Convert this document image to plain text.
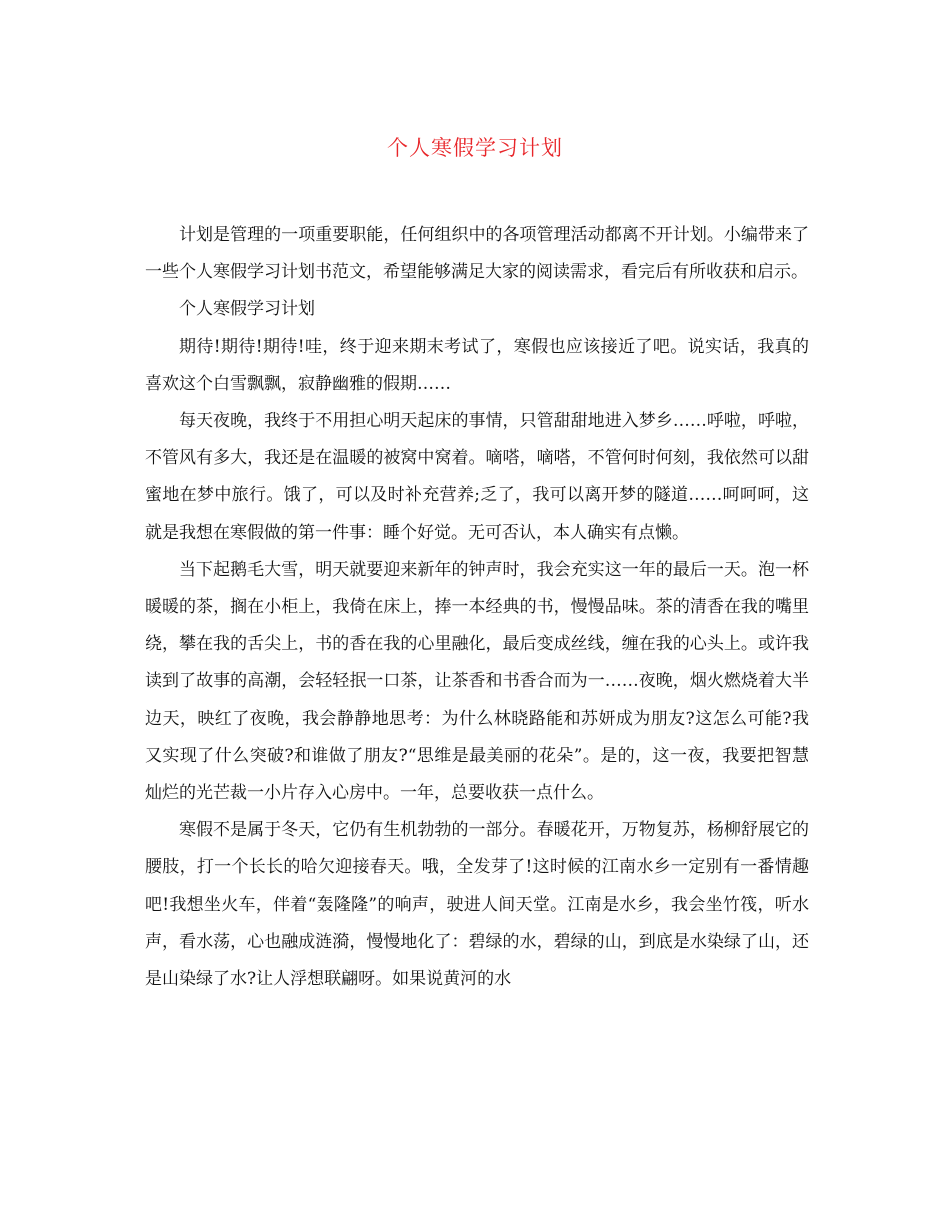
个人寒假学习计划

计划是管理的一项重要职能，任何组织中的各项管理活动都离不开计划。小编带来了一些个人寒假学习计划书范文，希望能够满足大家的阅读需求，看完后有所收获和启示。

个人寒假学习计划

期待!期待!期待!哇，终于迎来期末考试了，寒假也应该接近了吧。说实话，我真的喜欢这个白雪飘飘，寂静幽雅的假期……

每天夜晚，我终于不用担心明天起床的事情，只管甜甜地进入梦乡……呼啦，呼啦，不管风有多大，我还是在温暖的被窝中窝着。嘀嗒，嘀嗒，不管何时何刻，我依然可以甜蜜地在梦中旅行。饿了，可以及时补充营养;乏了，我可以离开梦的隧道……呵呵呵，这就是我想在寒假做的第一件事：睡个好觉。无可否认，本人确实有点懒。

当下起鹅毛大雪，明天就要迎来新年的钟声时，我会充实这一年的最后一天。泡一杯暖暖的茶，搁在小柜上，我倚在床上，捧一本经典的书，慢慢品味。茶的清香在我的嘴里绕，攀在我的舌尖上，书的香在我的心里融化，最后变成丝线，缠在我的心头上。或许我读到了故事的高潮，会轻轻抿一口茶，让茶香和书香合而为一……夜晚，烟火燃烧着大半边天，映红了夜晚，我会静静地思考：为什么林晓路能和苏妍成为朋友?这怎么可能?我又实现了什么突破?和谁做了朋友?“思维是最美丽的花朵”。是的，这一夜，我要把智慧灿烂的光芒裁一小片存入心房中。一年，总要收获一点什么。

寒假不是属于冬天，它仍有生机勃勃的一部分。春暖花开，万物复苏，杨柳舒展它的腰肢，打一个长长的哈欠迎接春天。哦，全发芽了!这时候的江南水乡一定别有一番情趣吧!我想坐火车，伴着“轰隆隆”的响声，驶进人间天堂。江南是水乡，我会坐竹筏，听水声，看水荡，心也融成涟漪，慢慢地化了：碧绿的水，碧绿的山，到底是水染绿了山，还是山染绿了水?让人浮想联翩呀。如果说黄河的水
